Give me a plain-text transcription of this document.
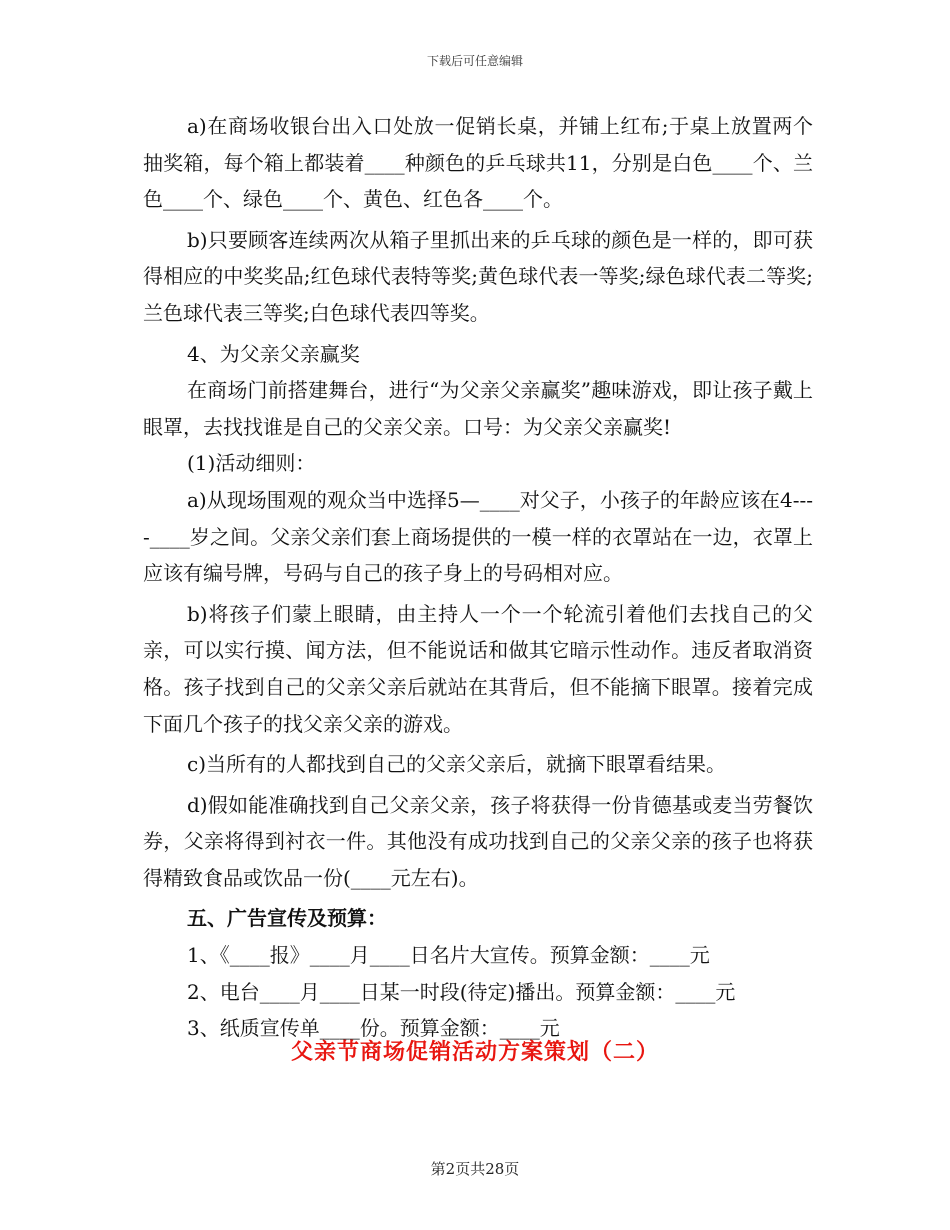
下载后可任意编辑

a)在商场收银台出入口处放一促销长桌，并铺上红布;于桌上放置两个抽奖箱，每个箱上都装着____种颜色的乒乓球共11，分别是白色____个、兰色____个、绿色____个、黄色、红色各____个。

b)只要顾客连续两次从箱子里抓出来的乒乓球的颜色是一样的，即可获得相应的中奖奖品;红色球代表特等奖;黄色球代表一等奖;绿色球代表二等奖;兰色球代表三等奖;白色球代表四等奖。

4、为父亲父亲赢奖

在商场门前搭建舞台，进行“为父亲父亲赢奖”趣味游戏，即让孩子戴上眼罩，去找找谁是自己的父亲父亲。口号：为父亲父亲赢奖!

(1)活动细则：

a)从现场围观的观众当中选择5—____对父子，小孩子的年龄应该在4----____岁之间。父亲父亲们套上商场提供的一模一样的衣罩站在一边，衣罩上应该有编号牌，号码与自己的孩子身上的号码相对应。

b)将孩子们蒙上眼睛，由主持人一个一个轮流引着他们去找自己的父亲，可以实行摸、闻方法，但不能说话和做其它暗示性动作。违反者取消资格。孩子找到自己的父亲父亲后就站在其背后，但不能摘下眼罩。接着完成下面几个孩子的找父亲父亲的游戏。

c)当所有的人都找到自己的父亲父亲后，就摘下眼罩看结果。

d)假如能准确找到自己父亲父亲，孩子将获得一份肯德基或麦当劳餐饮券，父亲将得到衬衣一件。其他没有成功找到自己的父亲父亲的孩子也将获得精致食品或饮品一份(____元左右)。

五、广告宣传及预算：

1、《____报》____月____日名片大宣传。预算金额：____元

2、电台____月____日某一时段(待定)播出。预算金额：____元

3、纸质宣传单____份。预算金额：____元

父亲节商场促销活动方案策划（二）
第2页共28页
